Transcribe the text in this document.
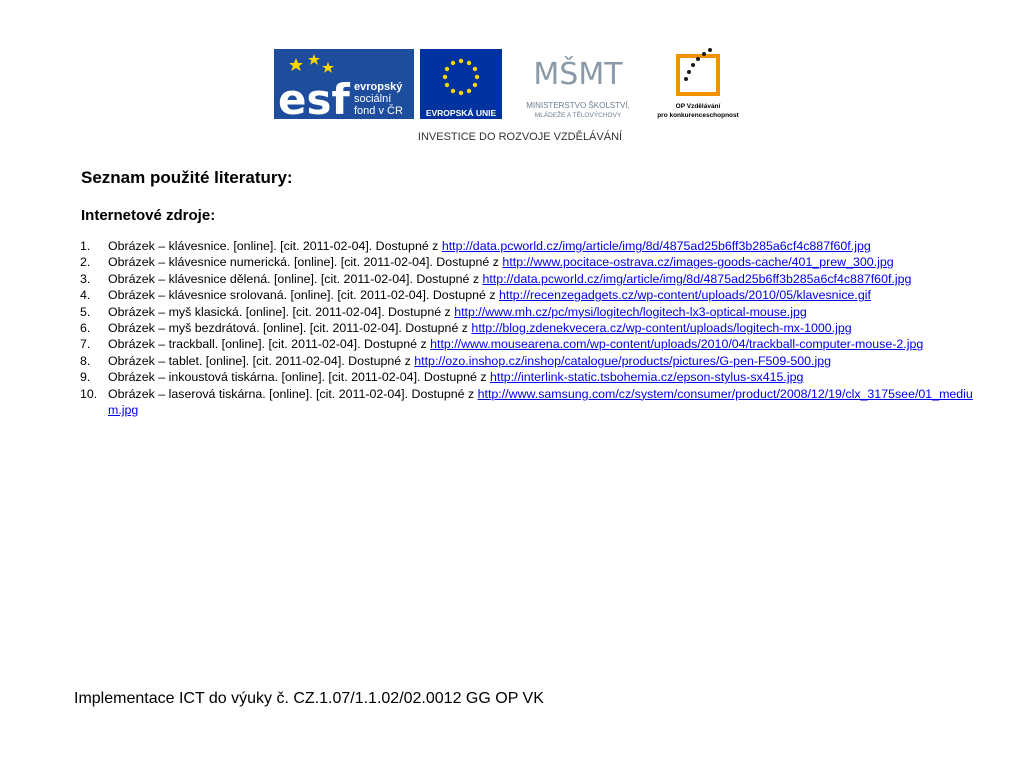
esf evropský
sociální
fond v ČR	EVROPSKÁ UNIE
MŠMT
MINISTERSTVO ŠKOLSTVÍ,
MLÁDEŽE A TĚLOVÝCHOVY
OP Vzdělávání
pro konkurenceschopnost
INVESTICE DO ROZVOJE VZDĚLÁVÁNÍ
Seznam použité literatury:
Internetové zdroje:
1. Obrázek – klávesnice. [online]. [cit. 2011-02-04]. Dostupné z http://data.pcworld.cz/img/article/img/8d/4875ad25b6ff3b285a6cf4c887f60f.jpg
2. Obrázek – klávesnice numerická. [online]. [cit. 2011-02-04]. Dostupné z http://www.pocitace-ostrava.cz/images-goods-cache/401_prew_300.jpg
3. Obrázek – klávesnice dělená. [online]. [cit. 2011-02-04]. Dostupné z http://data.pcworld.cz/img/article/img/8d/4875ad25b6ff3b285a6cf4c887f60f.jpg
4. Obrázek – klávesnice srolovaná. [online]. [cit. 2011-02-04]. Dostupné z http://recenzegadgets.cz/wp-content/uploads/2010/05/klavesnice.gif
5. Obrázek – myš klasická. [online]. [cit. 2011-02-04]. Dostupné z http://www.mh.cz/pc/mysi/logitech/logitech-lx3-optical-mouse.jpg
6. Obrázek – myš bezdrátová. [online]. [cit. 2011-02-04]. Dostupné z http://blog.zdenekvecera.cz/wp-content/uploads/logitech-mx-1000.jpg
7. Obrázek – trackball. [online]. [cit. 2011-02-04]. Dostupné z http://www.mousearena.com/wp-content/uploads/2010/04/trackball-computer-mouse-2.jpg
8. Obrázek – tablet. [online]. [cit. 2011-02-04]. Dostupné z http://ozo.inshop.cz/inshop/catalogue/products/pictures/G-pen-F509-500.jpg
9. Obrázek – inkoustová tiskárna. [online]. [cit. 2011-02-04]. Dostupné z http://interlink-static.tsbohemia.cz/epson-stylus-sx415.jpg
10. Obrázek – laserová tiskárna. [online]. [cit. 2011-02-04]. Dostupné z http://www.samsung.com/cz/system/consumer/product/2008/12/19/clx_3175see/01_medium.jpg

Implementace ICT do výuky č. CZ.1.07/1.1.02/02.0012 GG OP VK
